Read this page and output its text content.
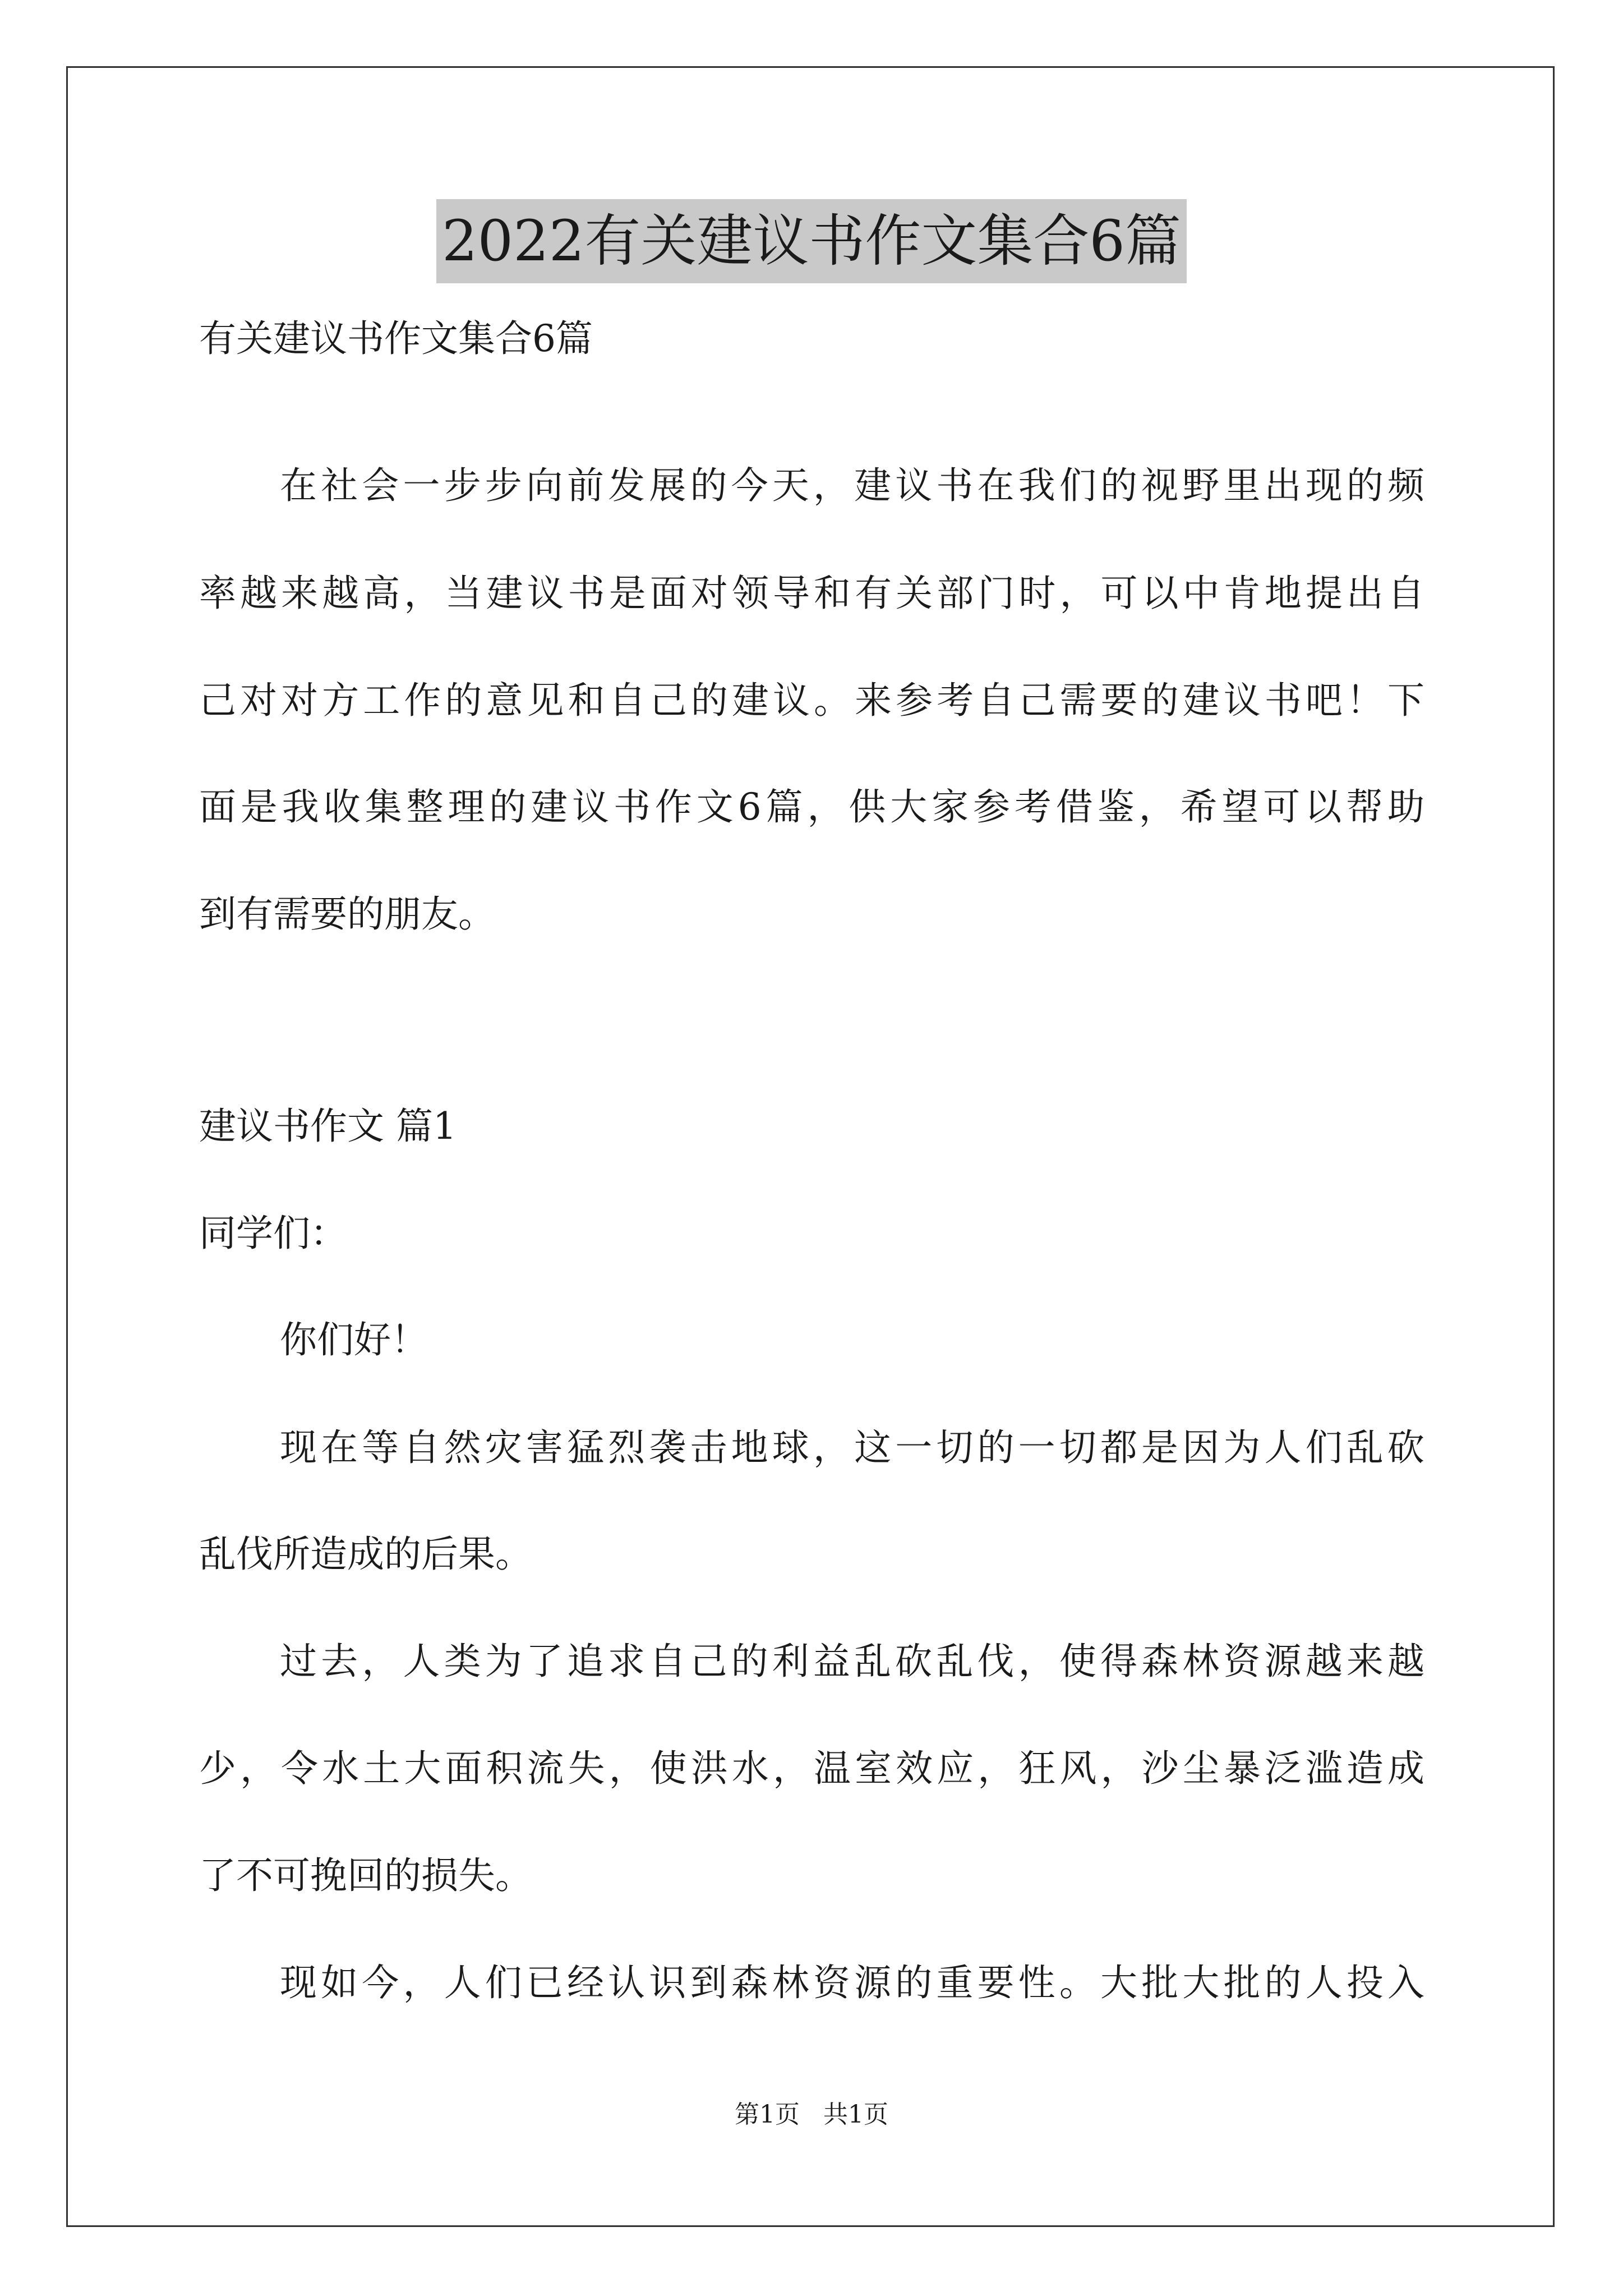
2022有关建议书作文集合6篇
有关建议书作文集合6篇
在社会一步步向前发展的今天，建议书在我们的视野里出现的频
率越来越高，当建议书是面对领导和有关部门时，可以中肯地提出自
己对对方工作的意见和自己的建议。来参考自己需要的建议书吧！下
面是我收集整理的建议书作文6篇，供大家参考借鉴，希望可以帮助
到有需要的朋友。
建议书作文 篇1
同学们：
你们好！
现在等自然灾害猛烈袭击地球，这一切的一切都是因为人们乱砍
乱伐所造成的后果。
过去，人类为了追求自己的利益乱砍乱伐，使得森林资源越来越
少，令水土大面积流失，使洪水，温室效应，狂风，沙尘暴泛滥造成
了不可挽回的损失。
现如今，人们已经认识到森林资源的重要性。大批大批的人投入
第1页   共1页
